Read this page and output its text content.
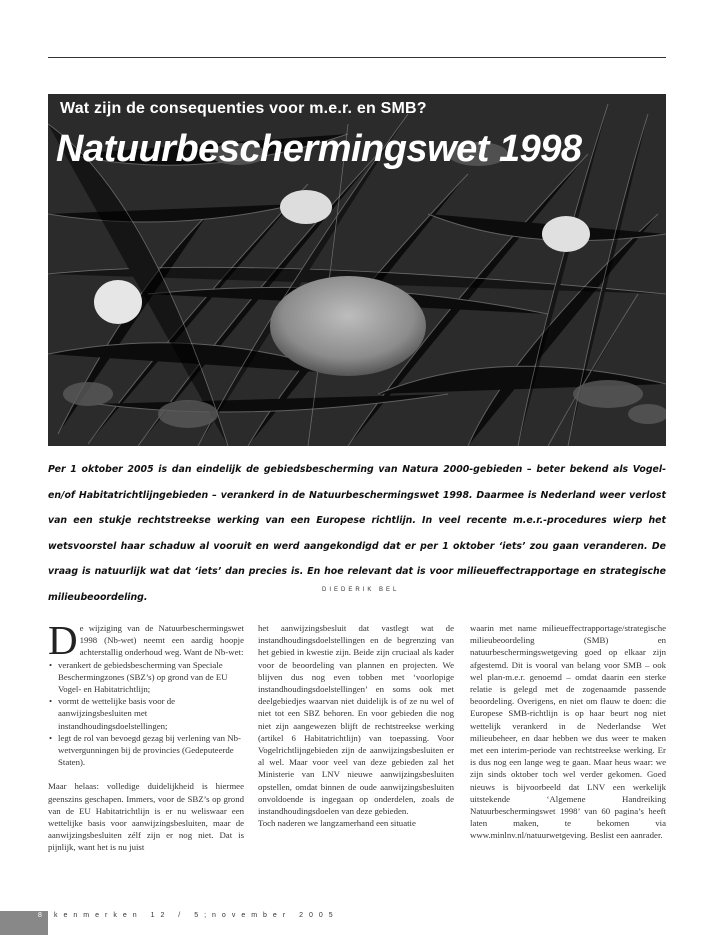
Wat zijn de consequenties voor m.e.r. en SMB?
Natuurbeschermingswet 1998
Per 1 oktober 2005 is dan eindelijk de gebiedsbescherming van Natura 2000-gebieden – beter bekend als Vogel- en/of Habitatrichtlijngebieden – verankerd in de Natuurbeschermingswet 1998. Daarmee is Nederland weer verlost van een stukje rechtstreekse werking van een Europese richtlijn. In veel recente m.e.r.-procedures wierp het wetsvoorstel haar schaduw al vooruit en werd aangekondigd dat er per 1 oktober ‘iets’ zou gaan veranderen. De vraag is natuurlijk wat dat ‘iets’ dan precies is. En hoe relevant dat is voor milieueffectrapportage en strategische milieubeoordeling.
DIEDERIK BEL

De wijziging van de Natuurbeschermingswet 1998 (Nb-wet) neemt een aardig hoopje achterstallig onderhoud weg. Want de Nb-wet:

• verankert de gebiedsbescherming van Speciale Beschermingzones (SBZ’s) op grond van de EU Vogel- en Habitatrichtlijn;
• vormt de wettelijke basis voor de aanwijzingsbesluiten met instandhoudingsdoelstellingen;
• legt de rol van bevoegd gezag bij verlening van Nb-wetvergunningen bij de provincies (Gedeputeerde Staten).

Maar helaas: volledige duidelijkheid is hiermee geenszins geschapen. Immers, voor de SBZ’s op grond van de EU Habitatrichtlijn is er nu weliswaar een wettelijke basis voor aanwijzingsbesluiten, maar de aanwijzingsbesluiten zélf zijn er nog niet. Dat is pijnlijk, want het is nu juist

het aanwijzingsbesluit dat vastlegt wat de instandhoudingsdoelstellingen en de begrenzing van het gebied in kwestie zijn. Beide zijn cruciaal als kader voor de beoordeling van plannen en projecten. We blijven dus nog even tobben met ‘voorlopige instandhoudingsdoelstellingen’ en soms ook met deelgebiedjes waarvan niet duidelijk is of ze nu wel of niet tot een SBZ behoren. En voor gebieden die nog niet zijn aangewezen blijft de rechtstreekse werking (artikel 6 Habitatrichtlijn) van toepassing. Voor Vogelrichtlijngebieden zijn de aanwijzingsbesluiten er al wel. Maar voor veel van deze gebieden zal het Ministerie van LNV nieuwe aanwijzingsbesluiten opstellen, omdat binnen de oude aanwijzingsbesluiten onvoldoende is ingegaan op onderdelen, zoals de instandhoudingsdoelen van deze gebieden.

Toch naderen we langzamerhand een situatie

waarin met name milieueffectrapportage/strategische milieubeoordeling (SMB) en natuurbeschermingswetgeving goed op elkaar zijn afgestemd. Dit is vooral van belang voor SMB – ook wel plan-m.e.r. genoemd – omdat daarin een sterke relatie is gelegd met de zogenaamde passende beoordeling. Overigens, en niet om flauw te doen: die Europese SMB-richtlijn is op haar beurt nog niet wettelijk verankerd in de Nederlandse Wet milieubeheer, en daar hebben we dus weer te maken met een interim-periode van rechtstreekse werking. Er is dus nog een lange weg te gaan. Maar heus waar: we zijn sinds oktober toch wel verder gekomen. Goed nieuws is bijvoorbeeld dat LNV een werkelijk uitstekende ‘Algemene Handreiking Natuurbeschermingswet 1998’ van 60 pagina’s heeft laten maken, te bekomen via www.minlnv.nl/natuurwetgeving. Beslist een aanrader.

8 kenmerken 12 / 5;november 2005
